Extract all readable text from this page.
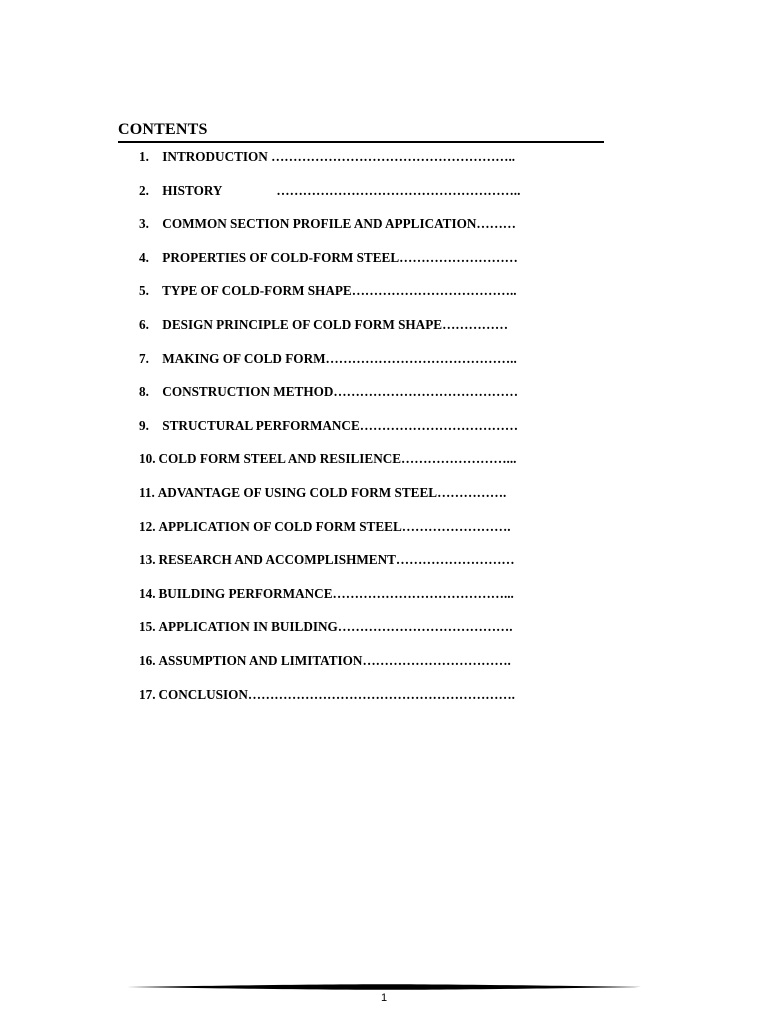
CONTENTS
1. INTRODUCTION ………………………………………………..
2. HISTORY	………………………………………………..
3. COMMON SECTION PROFILE AND APPLICATION………
4. PROPERTIES OF COLD-FORM STEEL………………………
5. TYPE OF COLD-FORM SHAPE………………………………..
6. DESIGN PRINCIPLE OF COLD FORM SHAPE……………
7. MAKING OF COLD FORM……………………………………..
8. CONSTRUCTION METHOD……………………………………
9. STRUCTURAL PERFORMANCE………………………………
10. COLD FORM STEEL AND RESILIENCE……………………...
11. ADVANTAGE OF USING COLD FORM STEEL…………….
12. APPLICATION OF COLD FORM STEEL…………………….
13. RESEARCH AND ACCOMPLISHMENT………………………
14. BUILDING PERFORMANCE…………………………………...
15. APPLICATION IN BUILDING………………………………….
16. ASSUMPTION AND LIMITATION…………………………….
17. CONCLUSION…………………………………………………….
1
